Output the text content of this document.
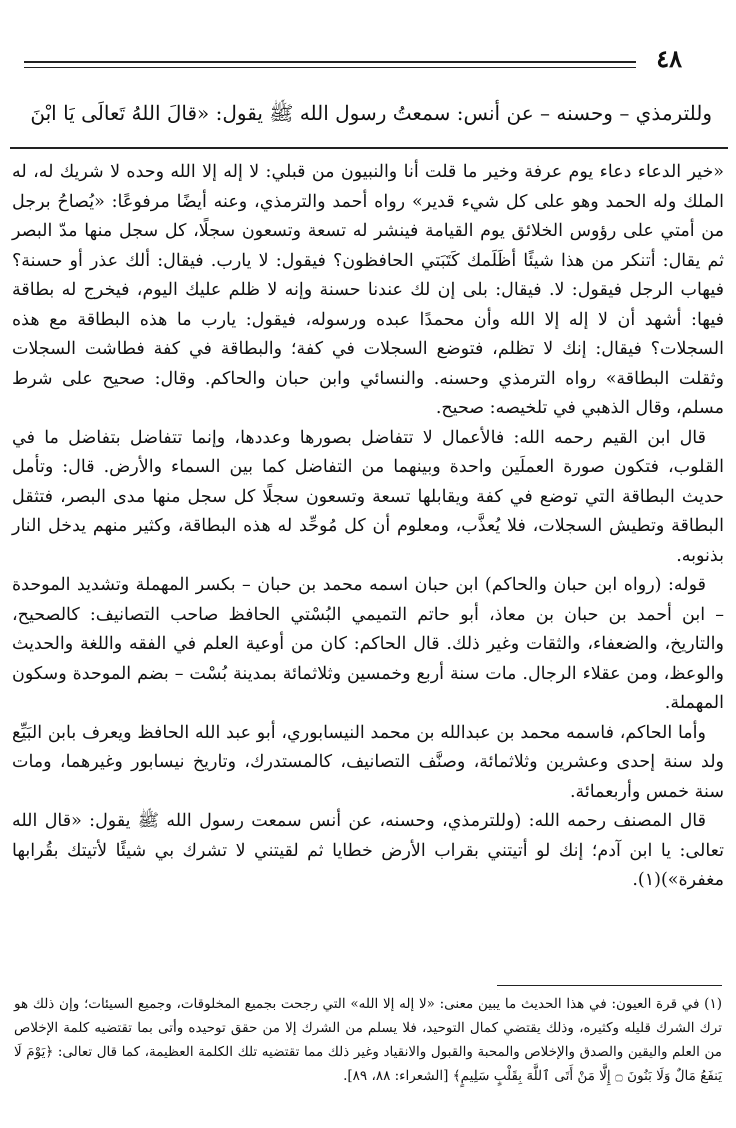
٤٨
وللترمذي – وحسنه – عن أنس: سمعتُ رسول الله ﷺ يقول: «قالَ اللهُ تَعالَى يَا ابْنَ

«خير الدعاء دعاء يوم عرفة وخير ما قلت أنا والنبيون من قبلي: لا إله إلا الله وحده لا شريك له، له الملك وله الحمد وهو على كل شيء قدير» رواه أحمد والترمذي، وعنه أيضًا مرفوعًا: «يُصاحُ برجل من أمتي على رؤوس الخلائق يوم القيامة فينشر له تسعة وتسعون سجلًا، كل سجل منها مدّ البصر ثم يقال: أتنكر من هذا شيئًا أظَلَمك كَتَبَتي الحافظون؟ فيقول: لا يارب. فيقال: ألك عذر أو حسنة؟ فيهاب الرجل فيقول: لا. فيقال: بلى إن لك عندنا حسنة وإنه لا ظلم عليك اليوم، فيخرج له بطاقة فيها: أشهد أن لا إله إلا الله وأن محمدًا عبده ورسوله، فيقول: يارب ما هذه البطاقة مع هذه السجلات؟ فيقال: إنك لا تظلم، فتوضع السجلات في كفة؛ والبطاقة في كفة فطاشت السجلات وثقلت البطاقة» رواه الترمذي وحسنه. والنسائي وابن حبان والحاكم. وقال: صحيح على شرط مسلم، وقال الذهبي في تلخيصه: صحيح.

قال ابن القيم رحمه الله: فالأعمال لا تتفاضل بصورها وعددها، وإنما تتفاضل بتفاضل ما في القلوب، فتكون صورة العملَين واحدة وبينهما من التفاضل كما بين السماء والأرض. قال: وتأمل حديث البطاقة التي توضع في كفة ويقابلها تسعة وتسعون سجلًا كل سجل منها مدى البصر، فتثقل البطاقة وتطيش السجلات، فلا يُعذَّب، ومعلوم أن كل مُوحِّد له هذه البطاقة، وكثير منهم يدخل النار بذنوبه.

قوله: (رواه ابن حبان والحاكم) ابن حبان اسمه محمد بن حبان – بكسر المهملة وتشديد الموحدة – ابن أحمد بن حبان بن معاذ، أبو حاتم التميمي البُسْتي الحافظ صاحب التصانيف: كالصحيح، والتاريخ، والضعفاء، والثقات وغير ذلك. قال الحاكم: كان من أوعية العلم في الفقه واللغة والحديث والوعظ، ومن عقلاء الرجال. مات سنة أربع وخمسين وثلاثمائة بمدينة بُسْت – بضم الموحدة وسكون المهملة.

وأما الحاكم، فاسمه محمد بن عبدالله بن محمد النيسابوري، أبو عبد الله الحافظ ويعرف بابن البَيِّع ولد سنة إحدى وعشرين وثلاثمائة، وصنَّف التصانيف، كالمستدرك، وتاريخ نيسابور وغيرهما، ومات سنة خمس وأربعمائة.

قال المصنف رحمه الله: (وللترمذي، وحسنه، عن أنس سمعت رسول الله ﷺ يقول: «قال الله تعالى: يا ابن آدم؛ إنك لو أتيتني بقراب الأرض خطايا ثم لقيتني لا تشرك بي شيئًا لأتيتك بقُرابها مغفرة»)(١).

(١) في قرة العيون: في هذا الحديث ما يبين معنى: «لا إله إلا الله» التي رجحت بجميع المخلوقات، وجميع السيئات؛ وإن ذلك هو ترك الشرك قليله وكثيره، وذلك يقتضي كمال التوحيد، فلا يسلم من الشرك إلا من حقق توحيده وأتى بما تقتضيه كلمة الإخلاص من العلم واليقين والصدق والإخلاص والمحبة والقبول والانقياد وغير ذلك مما تقتضيه تلك الكلمة العظيمة، كما قال تعالى: ﴿يَوْمَ لَا يَنفَعُ مَالٌ وَلَا بَنُونَ ۝ إِلَّا مَنْ أَتَى ٱللَّهَ بِقَلْبٍ سَلِيمٍ﴾ [الشعراء: ٨٨، ٨٩].
